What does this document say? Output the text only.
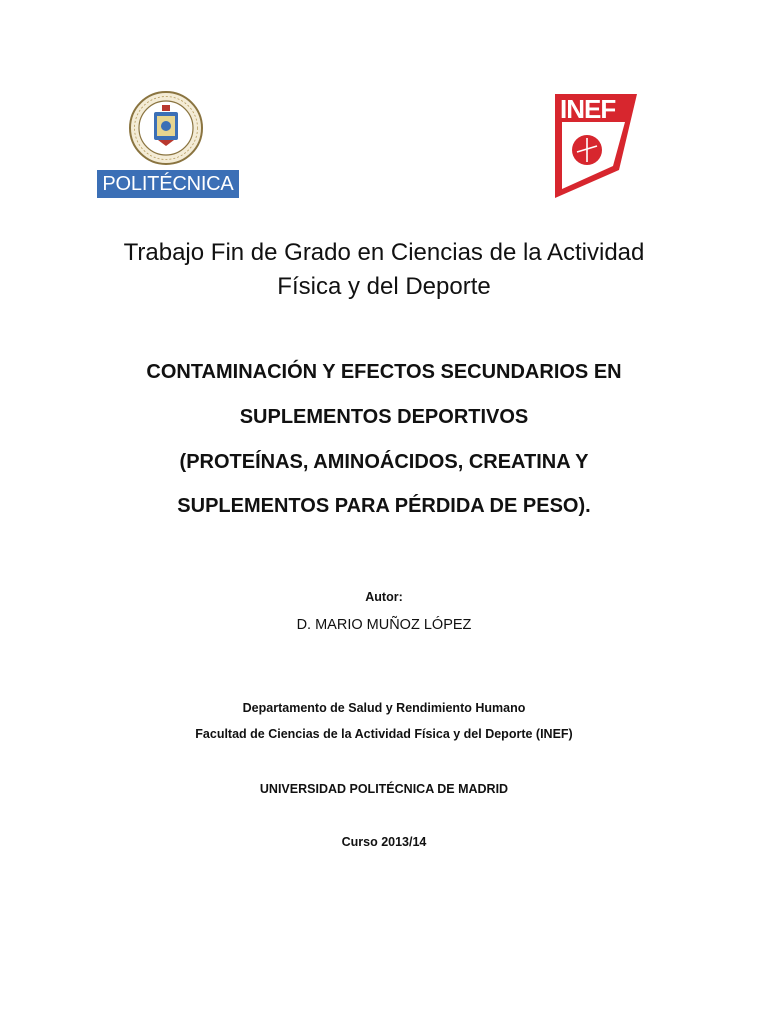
POLITÉCNICA
INEF
Trabajo Fin de Grado en Ciencias de la Actividad
Física y del Deporte
CONTAMINACIÓN Y EFECTOS SECUNDARIOS EN
SUPLEMENTOS DEPORTIVOS
(PROTEÍNAS, AMINOÁCIDOS, CREATINA Y
SUPLEMENTOS PARA PÉRDIDA DE PESO).
Autor:
D. MARIO MUÑOZ LÓPEZ
Departamento de Salud y Rendimiento Humano
Facultad de Ciencias de la Actividad Física y del Deporte (INEF)
UNIVERSIDAD POLITÉCNICA DE MADRID
Curso 2013/14
